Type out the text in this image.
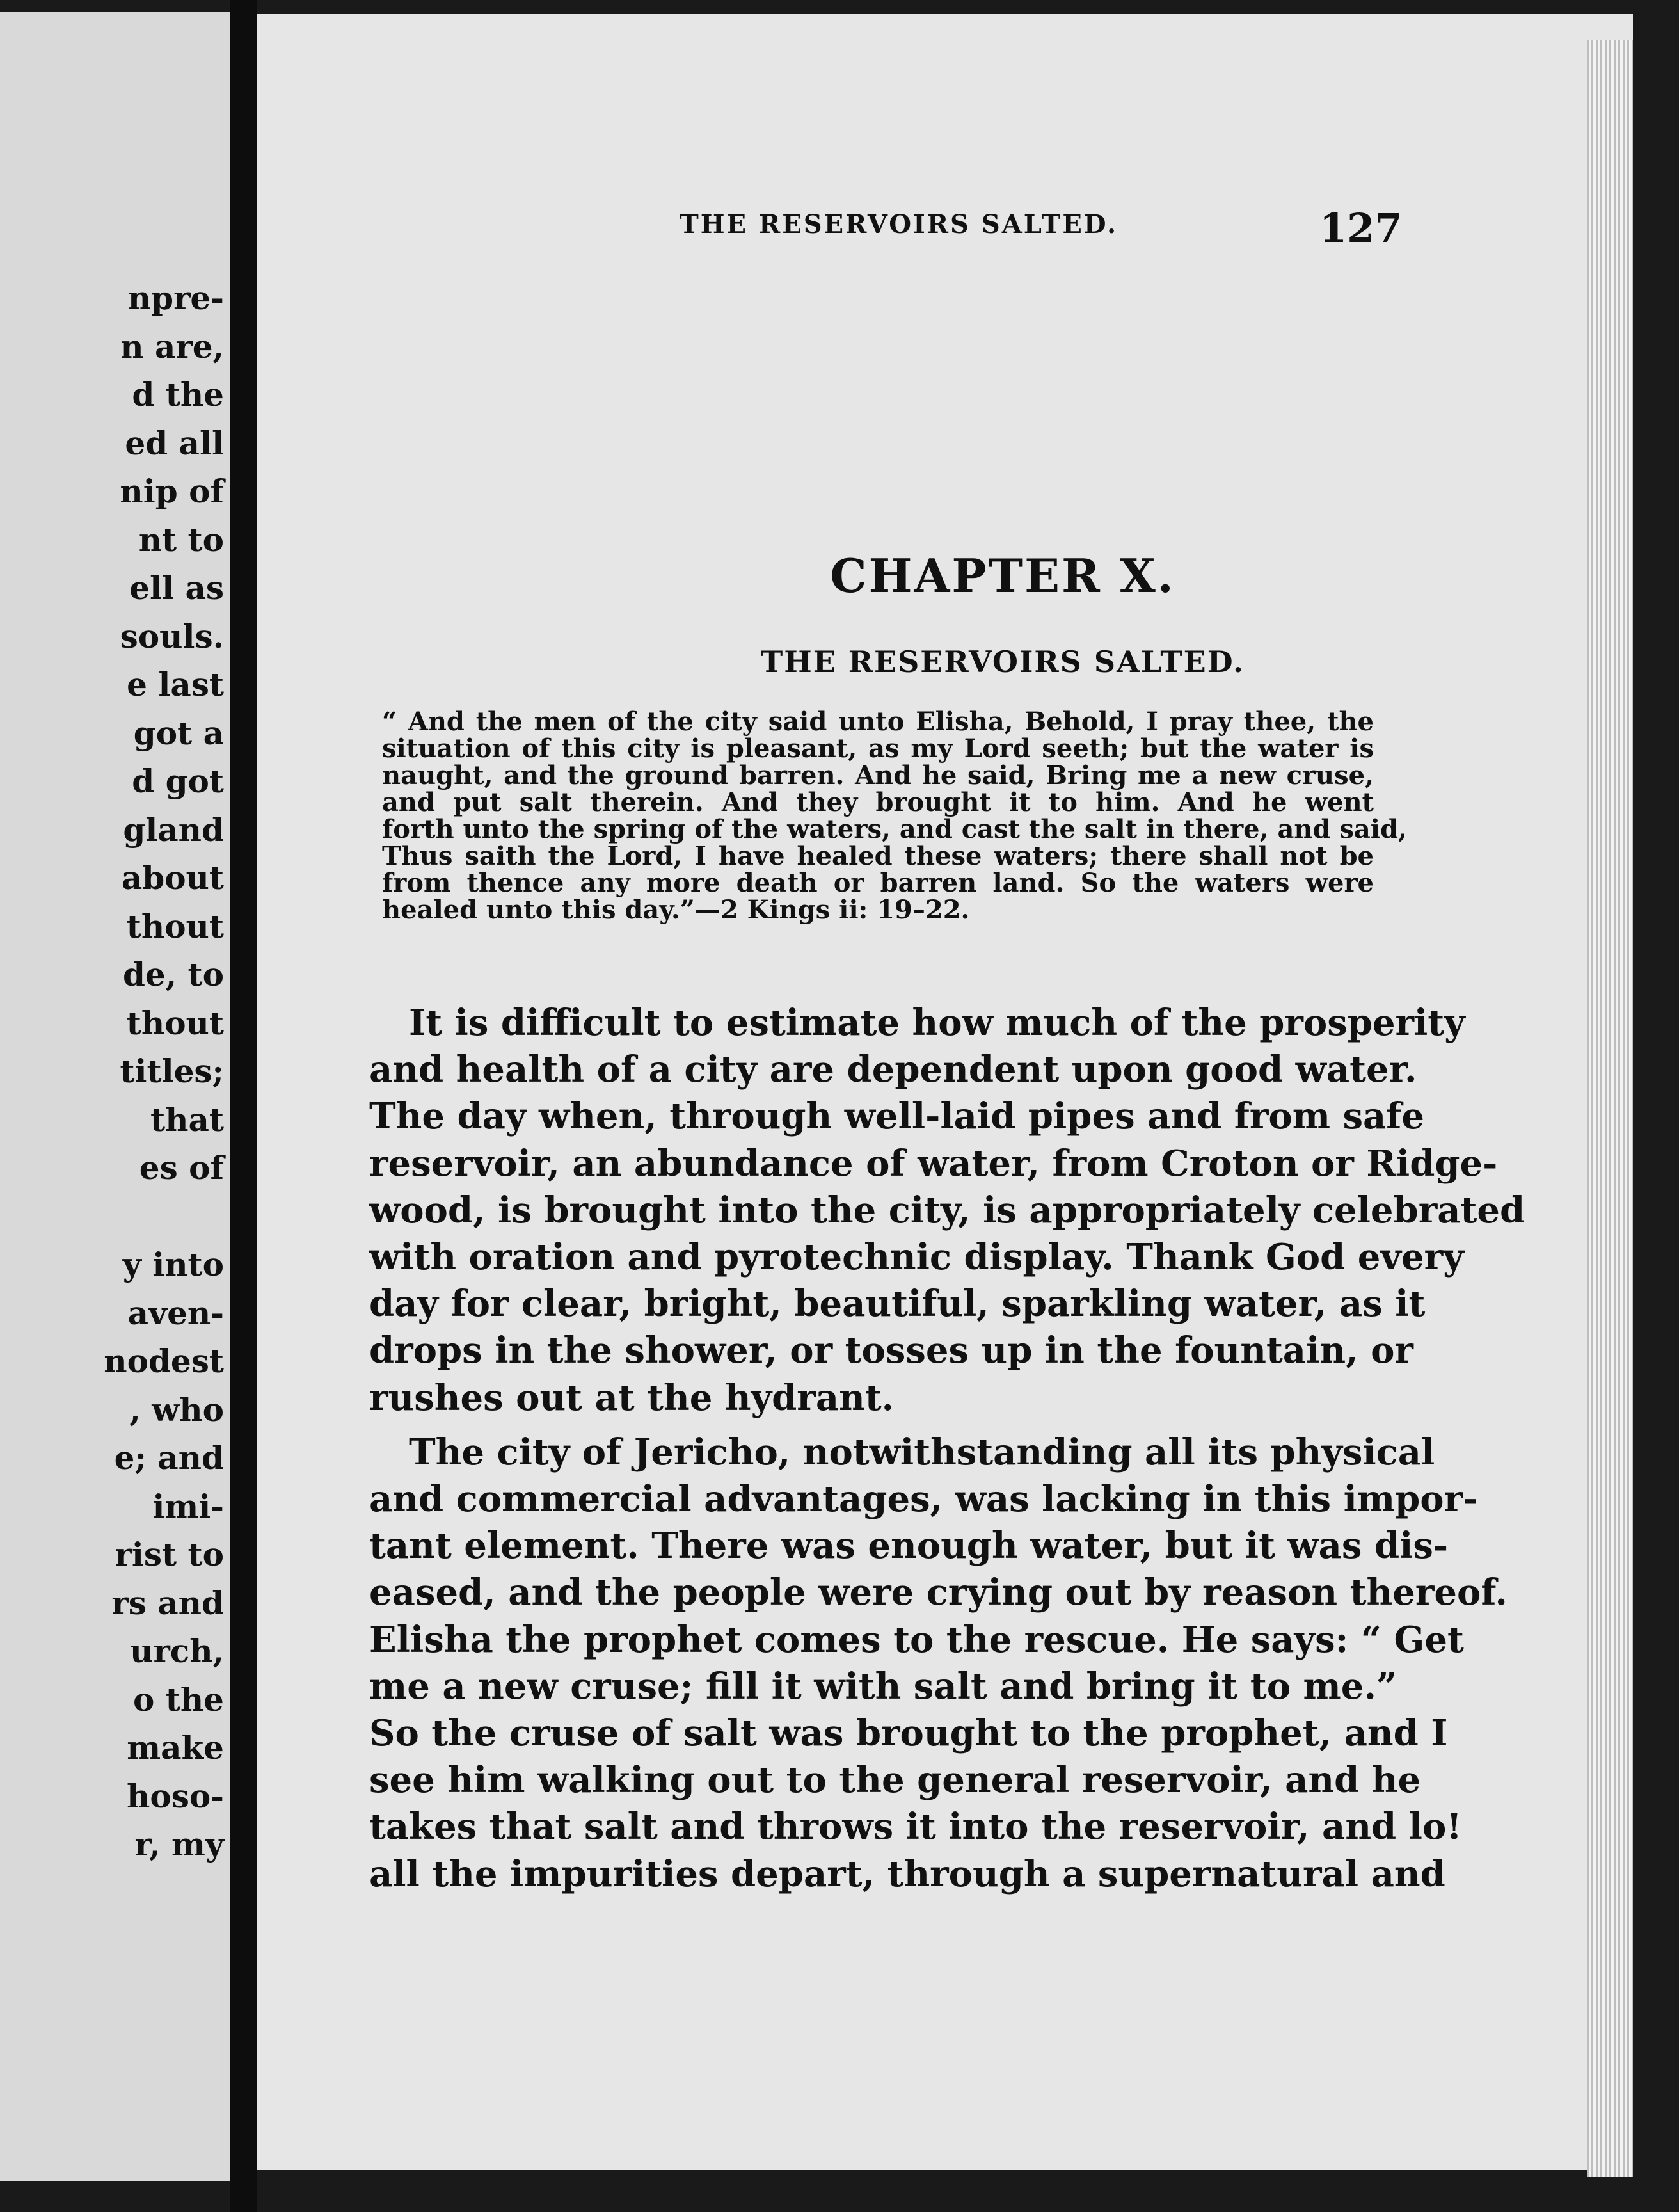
npre-
n are,
d the
ed all
nip of
nt to
ell as
souls.
e last
got a
d got
gland
about
thout
de, to
thout
titles;
that
es of
y into
aven-
nodest
, who
e; and
imi-
rist to
rs and
urch,
o the
make
hoso-
r, my
THE RESERVOIRS SALTED.	127
CHAPTER X.
THE RESERVOIRS SALTED.
“ And the men of the city said unto Elisha, Behold, I pray thee, the
situation of this city is pleasant, as my Lord seeth; but the water is
naught, and the ground barren. And he said, Bring me a new cruse,
and put salt therein. And they brought it to him. And he went
forth unto the spring of the waters, and cast the salt in there, and said,
Thus saith the Lord, I have healed these waters; there shall not be
from thence any more death or barren land. So the waters were
healed unto this day.”—2 Kings ii: 19–22.
It is difficult to estimate how much of the prosperity
and health of a city are dependent upon good water.
The day when, through well-laid pipes and from safe
reservoir, an abundance of water, from Croton or Ridge-
wood, is brought into the city, is appropriately celebrated
with oration and pyrotechnic display. Thank God every
day for clear, bright, beautiful, sparkling water, as it
drops in the shower, or tosses up in the fountain, or
rushes out at the hydrant.
The city of Jericho, notwithstanding all its physical
and commercial advantages, was lacking in this impor-
tant element. There was enough water, but it was dis-
eased, and the people were crying out by reason thereof.
Elisha the prophet comes to the rescue. He says: “ Get
me a new cruse; fill it with salt and bring it to me.”
So the cruse of salt was brought to the prophet, and I
see him walking out to the general reservoir, and he
takes that salt and throws it into the reservoir, and lo!
all the impurities depart, through a supernatural and
